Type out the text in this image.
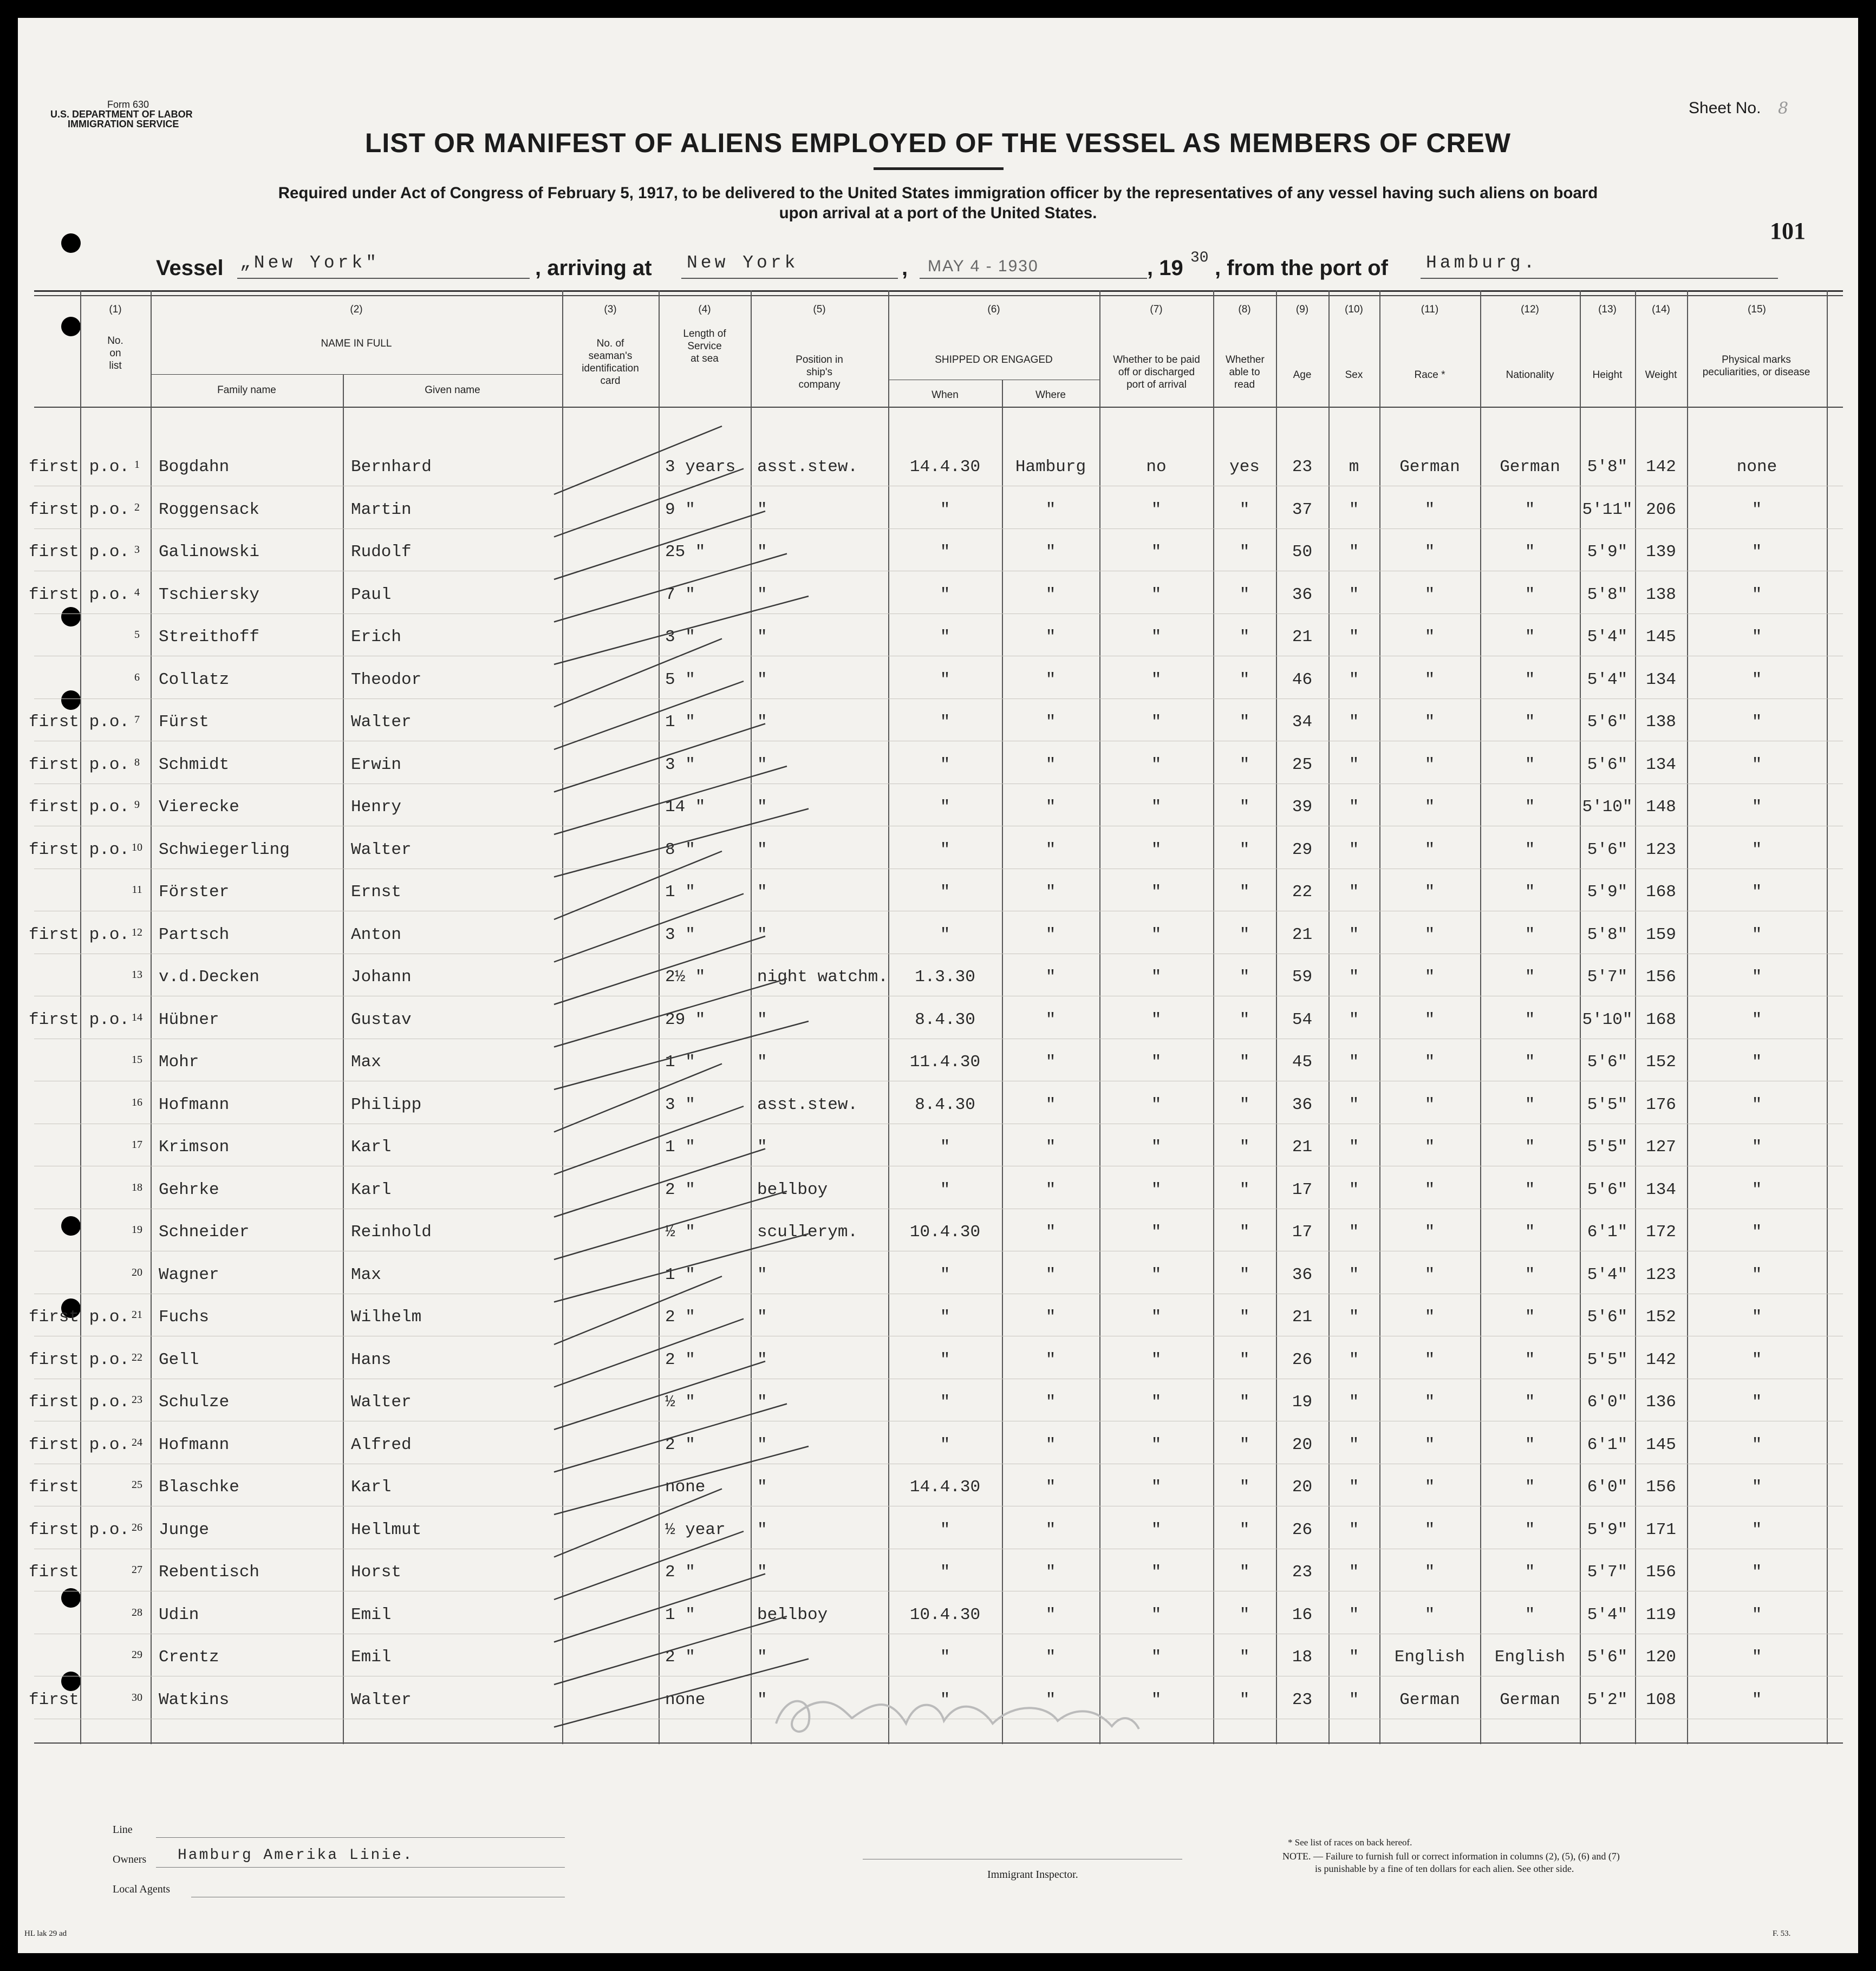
Form 630
U.S. DEPARTMENT OF LABOR
IMMIGRATION SERVICE
Sheet No. 8
LIST OR MANIFEST OF ALIENS EMPLOYED OF THE VESSEL AS MEMBERS OF CREW
Required under Act of Congress of February 5, 1917, to be delivered to the United States immigration officer by the representatives of any vessel having such aliens on board
upon arrival at a port of the United States.
101
Vessel „New York"	, arriving at New York	, MAY 4 - 1930	, 19 30 , from the port of Hamburg.
(1)
No. on list
(2)
NAME IN FULL
Family name	Given name
(3)
No. of seaman's identification card
(4)
Length of Service at sea
(5)
Position in ship's company
(6)
SHIPPED OR ENGAGED
When	Where
(7)
Whether to be paid off or discharged port of arrival
(8)
Whether able to read
(9)
Age
(10)
Sex
(11)
Race *
(12)
Nationality
(13)
Height
(14)
Weight
(15)
Physical marks peculiarities, or disease
first p.o. 1	Bogdahn	Bernhard	3 years	asst.stew.	14.4.30	Hamburg	no	yes	23	m	German	German	5'8"	142	none
first p.o. 2	Roggensack	Martin	9 "	"	"	"	"	"	37	"	"	"	5'11" 206	"
first p.o. 3	Galinowski	Rudolf	25 "	"	"	"	"	"	50	"	"	"	5'9"	139	"
first p.o. 4	Tschiersky	Paul	7 "	"	"	"	"	"	36	"	"	"	5'8"	138	"
5	Streithoff	Erich	3 "	"	"	"	"	"	21	"	"	"	5'4"	145	"
6	Collatz	Theodor	5 "	"	"	"	"	"	46	"	"	"	5'4"	134	"
first p.o. 7	Fürst	Walter	1 "	"	"	"	"	"	34	"	"	"	5'6"	138	"
first p.o. 8	Schmidt	Erwin	3 "	"	"	"	"	"	25	"	"	"	5'6"	134	"
first p.o. 9	Vierecke	Henry	14 "	"	"	"	"	"	39	"	"	"	5'10" 148	"
first p.o. 10 Schwiegerling	Walter	8 "	"	"	"	"	"	29	"	"	"	5'6"	123	"
11 Förster	Ernst	1 "	"	"	"	"	"	22	"	"	"	5'9"	168	"
first p.o. 12 Partsch	Anton	3 "	"	"	"	"	"	21	"	"	"	5'8"	159	"
13 v.d.Decken	Johann	2½ "	night watchm.	1.3.30	"	"	"	59	"	"	"	5'7"	156	"
first p.o. 14 Hübner	Gustav	29 "	"	8.4.30	"	"	"	54	"	"	"	5'10" 168	"
15 Mohr	Max	1 "	"	11.4.30	"	"	"	45	"	"	"	5'6"	152	"
16 Hofmann	Philipp	3 "	asst.stew.	8.4.30	"	"	"	36	"	"	"	5'5"	176	"
17 Krimson	Karl	1 "	"	"	"	"	"	21	"	"	"	5'5"	127	"
18 Gehrke	Karl	2 "	bellboy	"	"	"	"	17	"	"	"	5'6"	134	"
19 Schneider	Reinhold	½ "	scullerym.	10.4.30	"	"	"	17	"	"	"	6'1"	172	"
20 Wagner	Max	1 "	"	"	"	"	"	36	"	"	"	5'4"	123	"
first p.o. 21 Fuchs	Wilhelm	2 "	"	"	"	"	"	21	"	"	"	5'6"	152	"
first p.o. 22 Gell	Hans	2 "	"	"	"	"	"	26	"	"	"	5'5"	142	"
first p.o. 23 Schulze	Walter	½ "	"	"	"	"	"	19	"	"	"	6'0"	136	"
first p.o. 24 Hofmann	Alfred	2 "	"	"	"	"	"	20	"	"	"	6'1"	145	"
first	25 Blaschke	Karl	none	"	14.4.30	"	"	"	20	"	"	"	6'0"	156	"
first p.o. 26 Junge	Hellmut	½ year	"	"	"	"	"	26	"	"	"	5'9"	171	"
first	27 Rebentisch	Horst	2 "	"	"	"	"	"	23	"	"	"	5'7"	156	"
28 Udin	Emil	1 "	bellboy	10.4.30	"	"	"	16	"	"	"	5'4"	119	"
29 Crentz	Emil	2 "	"	"	"	"	"	18	"	English	English	5'6"	120	"
first	30 Watkins	Walter	none	"	"	"	"	"	23	"	German	German	5'2"	108	"
Line
Owners Hamburg Amerika Linie.
Local Agents
Immigrant Inspector.
* See list of races on back hereof.
NOTE. — Failure to furnish full or correct information in columns (2), (5), (6) and (7)
is punishable by a fine of ten dollars for each alien. See other side.
HL lak 29 ad	F. 53.
